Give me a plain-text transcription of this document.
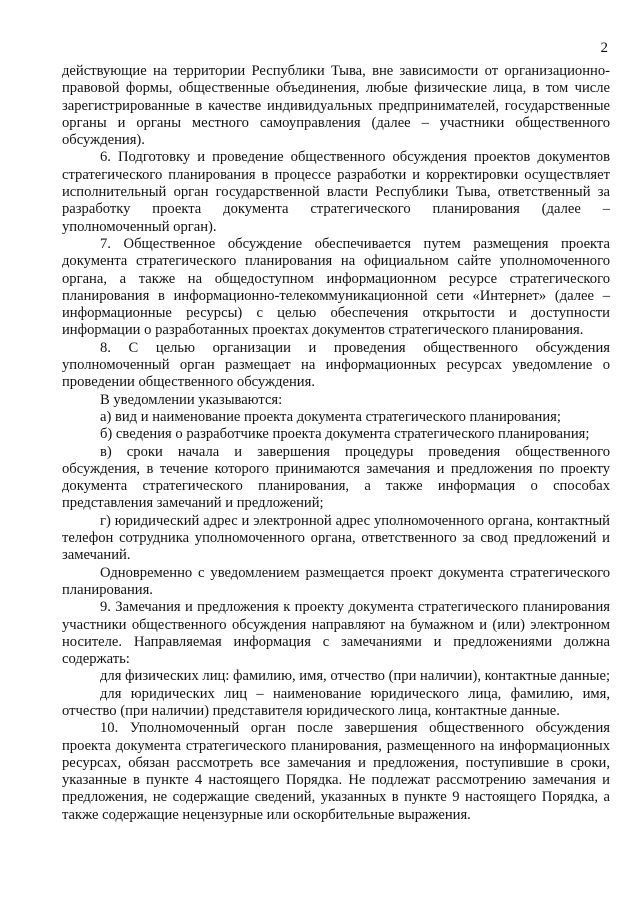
2

действующие на территории Республики Тыва, вне зависимости от организационно-правовой формы, общественные объединения, любые физические лица, в том числе зарегистрированные в качестве индивидуальных предпринимателей, государственные органы и органы местного самоуправления (далее – участники общественного обсуждения).

6. Подготовку и проведение общественного обсуждения проектов документов стратегического планирования в процессе разработки и корректировки осуществляет исполнительный орган государственной власти Республики Тыва, ответственный за разработку проекта документа стратегического планирования (далее – уполномоченный орган).

7. Общественное обсуждение обеспечивается путем размещения проекта документа стратегического планирования на официальном сайте уполномоченного органа, а также на общедоступном информационном ресурсе стратегического планирования в информационно-телекоммуникационной сети «Интернет» (далее – информационные ресурсы) с целью обеспечения открытости и доступности информации о разработанных проектах документов стратегического планирования.

8. С целью организации и проведения общественного обсуждения уполномоченный орган размещает на информационных ресурсах уведомление о проведении общественного обсуждения.

В уведомлении указываются:

а) вид и наименование проекта документа стратегического планирования;

б) сведения о разработчике проекта документа стратегического планирования;

в) сроки начала и завершения процедуры проведения общественного обсуждения, в течение которого принимаются замечания и предложения по проекту документа стратегического планирования, а также информация о способах представления замечаний и предложений;

г) юридический адрес и электронной адрес уполномоченного органа, контактный телефон сотрудника уполномоченного органа, ответственного за свод предложений и замечаний.

Одновременно с уведомлением размещается проект документа стратегического планирования.

9. Замечания и предложения к проекту документа стратегического планирования участники общественного обсуждения направляют на бумажном и (или) электронном носителе. Направляемая информация с замечаниями и предложениями должна содержать:

для физических лиц: фамилию, имя, отчество (при наличии), контактные данные;

для юридических лиц – наименование юридического лица, фамилию, имя, отчество (при наличии) представителя юридического лица, контактные данные.

10. Уполномоченный орган после завершения общественного обсуждения проекта документа стратегического планирования, размещенного на информационных ресурсах, обязан рассмотреть все замечания и предложения, поступившие в сроки, указанные в пункте 4 настоящего Порядка. Не подлежат рассмотрению замечания и предложения, не содержащие сведений, указанных в пункте 9 настоящего Порядка, а также содержащие нецензурные или оскорбительные выражения.
